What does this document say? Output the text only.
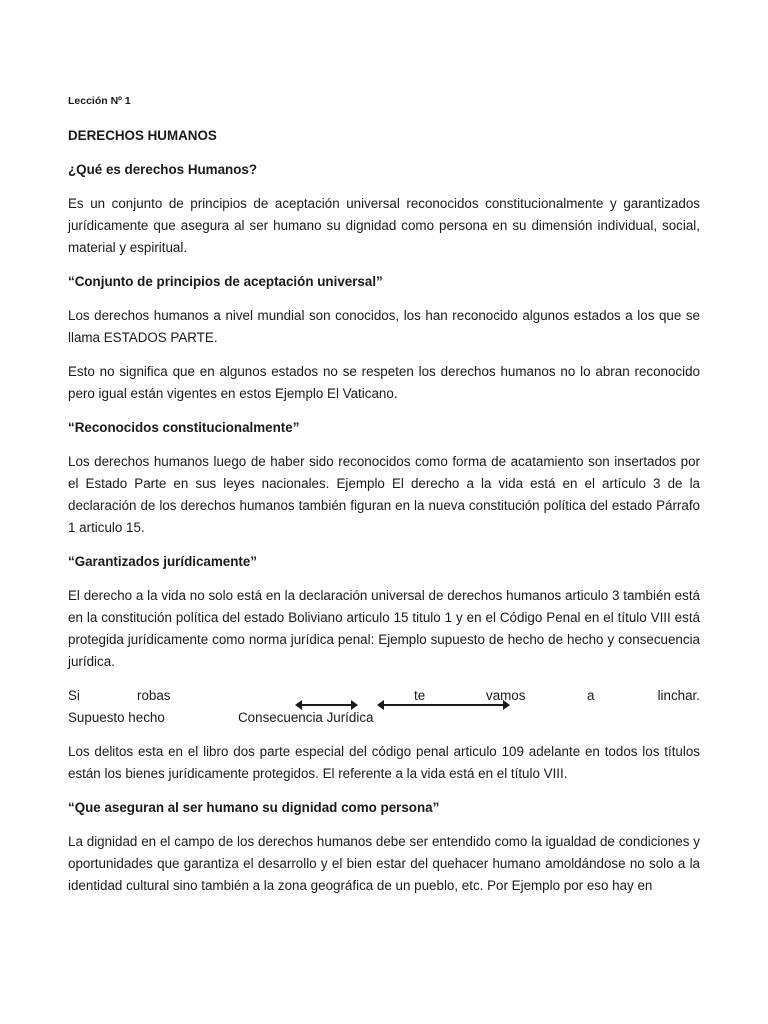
Lección Nº 1
DERECHOS HUMANOS
¿Qué es derechos Humanos?

Es un conjunto de principios de aceptación universal reconocidos constitucionalmente y garantizados jurídicamente que asegura al ser humano su dignidad como persona en su dimensión individual, social, material y espiritual.

“Conjunto de principios de aceptación universal”

Los derechos humanos a nivel mundial son conocidos, los han reconocido algunos estados a los que se llama ESTADOS PARTE.

Esto no significa que en algunos estados no se respeten los derechos humanos no lo abran reconocido pero igual están vigentes en estos Ejemplo El Vaticano.

“Reconocidos constitucionalmente”

Los derechos humanos luego de haber sido reconocidos como forma de acatamiento son insertados por el Estado Parte en sus leyes nacionales. Ejemplo El derecho a la vida está en el artículo 3 de la declaración de los derechos humanos también figuran en la nueva constitución política del estado Párrafo 1 articulo 15.

“Garantizados jurídicamente”

El derecho a la vida no solo está en la declaración universal de derechos humanos articulo 3 también está en la constitución política del estado Boliviano articulo 15 titulo 1 y en el Código Penal en el título VIII está protegida jurídicamente como norma jurídica penal: Ejemplo supuesto de hecho de hecho y consecuencia jurídica.

Si	robas	te	vamos	a	linchar.
Supuesto hecho	Consecuencia Jurídica

Los delitos esta en el libro dos parte especial del código penal articulo 109 adelante en todos los títulos están los bienes jurídicamente protegidos. El referente a la vida está en el título VIII.

“Que aseguran al ser humano su dignidad como persona”

La dignidad en el campo de los derechos humanos debe ser entendido como la igualdad de condiciones y oportunidades que garantiza el desarrollo y el bien estar del quehacer humano amoldándose no solo a la identidad cultural sino también a la zona geográfica de un pueblo, etc. Por Ejemplo por eso hay en
